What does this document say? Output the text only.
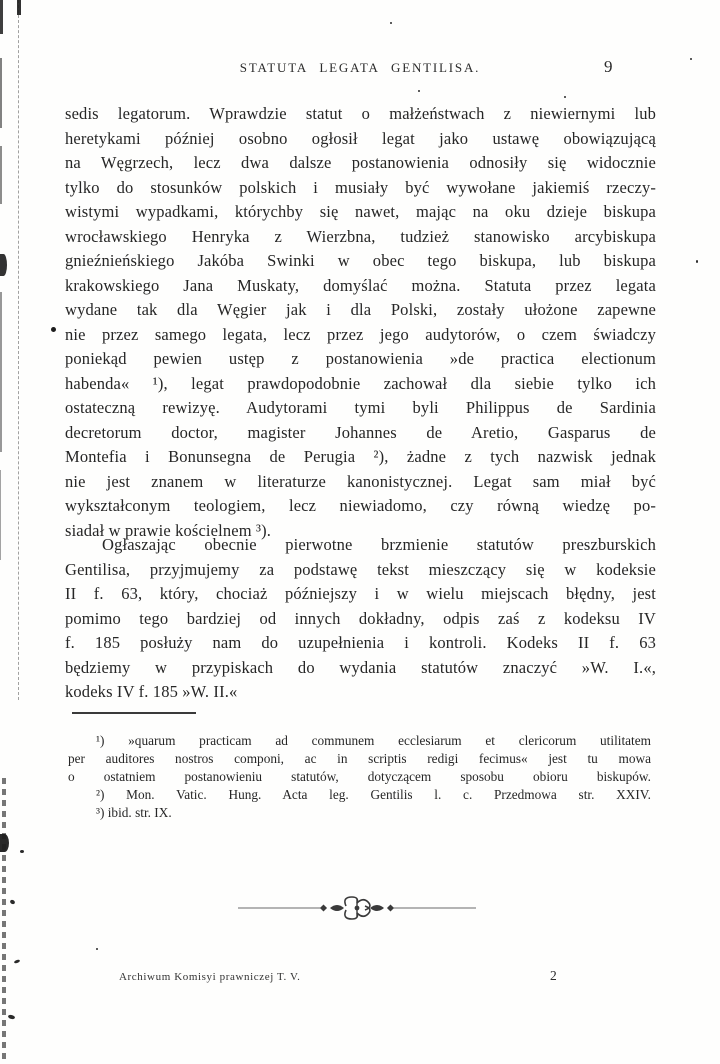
STATUTA LEGATA GENTILISA.	9
sedis legatorum. Wprawdzie statut o małżeństwach z niewiernymi lub
heretykami później osobno ogłosił legat jako ustawę obowiązującą
na Węgrzech, lecz dwa dalsze postanowienia odnosiły się widocznie
tylko do stosunków polskich i musiały być wywołane jakiemiś rzeczy-
wistymi wypadkami, którychby się nawet, mając na oku dzieje biskupa
wrocławskiego Henryka z Wierzbna, tudzież stanowisko arcybiskupa
gnieźnieńskiego Jakóba Swinki w obec tego biskupa, lub biskupa
krakowskiego Jana Muskaty, domyślać można. Statuta przez legata
wydane tak dla Węgier jak i dla Polski, zostały ułożone zapewne
nie przez samego legata, lecz przez jego audytorów, o czem świadczy
poniekąd pewien ustęp z postanowienia »de practica electionum
habenda« ¹), legat prawdopodobnie zachował dla siebie tylko ich
ostateczną rewizyę. Audytorami tymi byli Philippus de Sardinia
decretorum doctor, magister Johannes de Aretio, Gasparus de
Montefia i Bonunsegna de Perugia ²), żadne z tych nazwisk jednak
nie jest znanem w literaturze kanonistycznej. Legat sam miał być
wykształconym teologiem, lecz niewiadomo, czy równą wiedzę po-
siadał w prawie kościelnem ³).
Ogłaszając obecnie pierwotne brzmienie statutów preszburskich
Gentilisa, przyjmujemy za podstawę tekst mieszczący się w kodeksie
II f. 63, który, chociaż późniejszy i w wielu miejscach błędny, jest
pomimo tego bardziej od innych dokładny, odpis zaś z kodeksu IV
f. 185 posłuży nam do uzupełnienia i kontroli. Kodeks II f. 63
będziemy w przypiskach do wydania statutów znaczyć »W. I.«,
kodeks IV f. 185 »W. II.«
¹) »quarum practicam ad communem ecclesiarum et clericorum utilitatem
per auditores nostros componi, ac in scriptis redigi fecimus« jest tu mowa
o ostatniem postanowieniu statutów, dotyczącem sposobu obioru biskupów.
²) Mon. Vatic. Hung. Acta leg. Gentilis l. c. Przedmowa str. XXIV.
³) ibid. str. IX.
Archiwum Komisyi prawniczej T. V.	2
